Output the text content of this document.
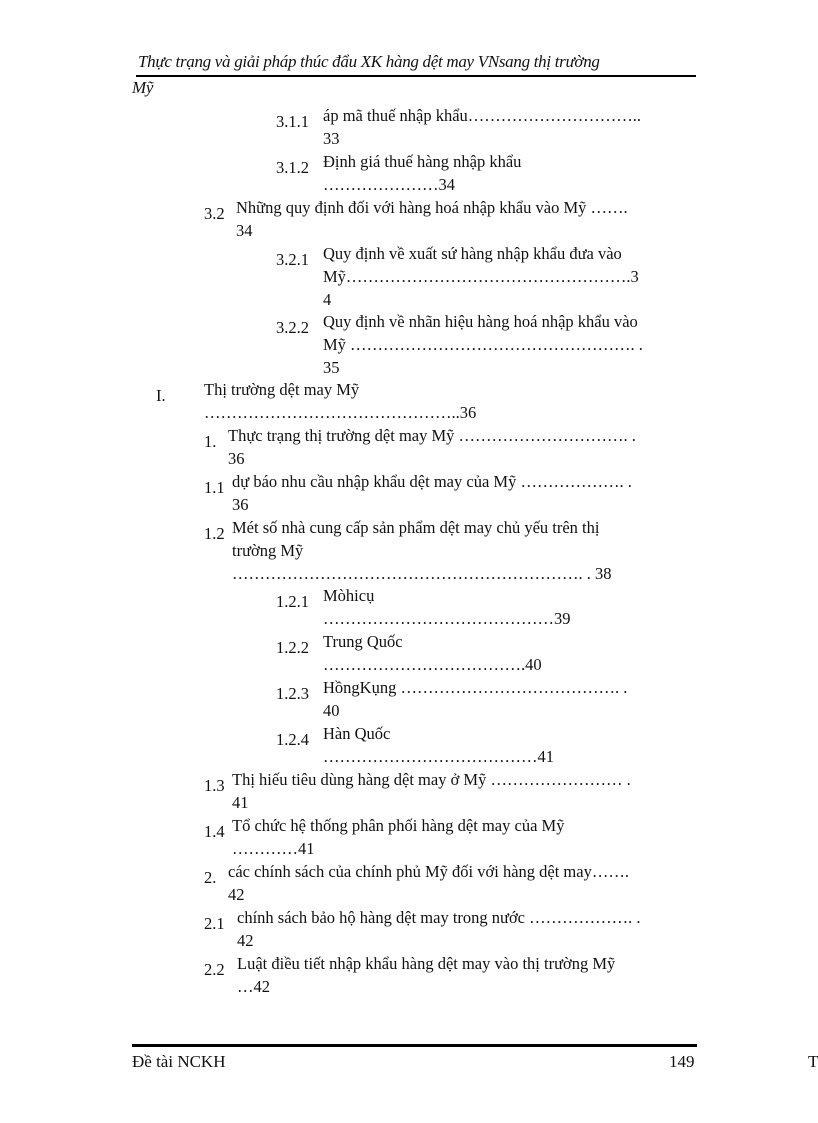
Thực trạng và giải pháp thúc đẩu XK hàng dệt may VNsang thị trường
Mỹ
3.1.1 áp mã thuế nhập khẩu…………………………..
33
3.1.2 Định giá thuế hàng nhập khẩu
…………………34
3.2 Những quy định đối với hàng hoá nhập khẩu vào Mỹ …….
34
3.2.1 Quy định về xuất sứ hàng nhập khẩu đưa vào
Mỹ…………………………………………….3
4
3.2.2 Quy định về nhãn hiệu hàng hoá nhập khẩu vào
Mỹ ……………………………………………. .
35
I. Thị trường dệt may Mỹ
………………………………………..36
1. Thực trạng thị trường dệt may Mỹ …………………………. .
36
1.1 dự báo nhu cầu nhập khẩu dệt may của Mỹ ………………. .
36
1.2 Mét số nhà cung cấp sản phẩm dệt may chủ yếu trên thị
trường Mỹ
………………………………………………………. . 38
1.2.1 Mòhicụ
……………………………………39
1.2.2 Trung Quốc
……………………………….40
1.2.3 HồngKụng …………………………………. .
40
1.2.4 Hàn Quốc
…………………………………41
1.3 Thị hiếu tiêu dùng hàng dệt may ở Mỹ …………………… .
41
1.4 Tổ chức hệ thống phân phối hàng dệt may của Mỹ
…………41
2. các chính sách của chính phủ Mỹ đối với hàng dệt may…….
42
2.1 chính sách bảo hộ hàng dệt may trong nước ………………. .
42
2.2 Luật điều tiết nhập khẩu hàng dệt may vào thị trường Mỹ
…42
Đề tài NCKH	149	T
